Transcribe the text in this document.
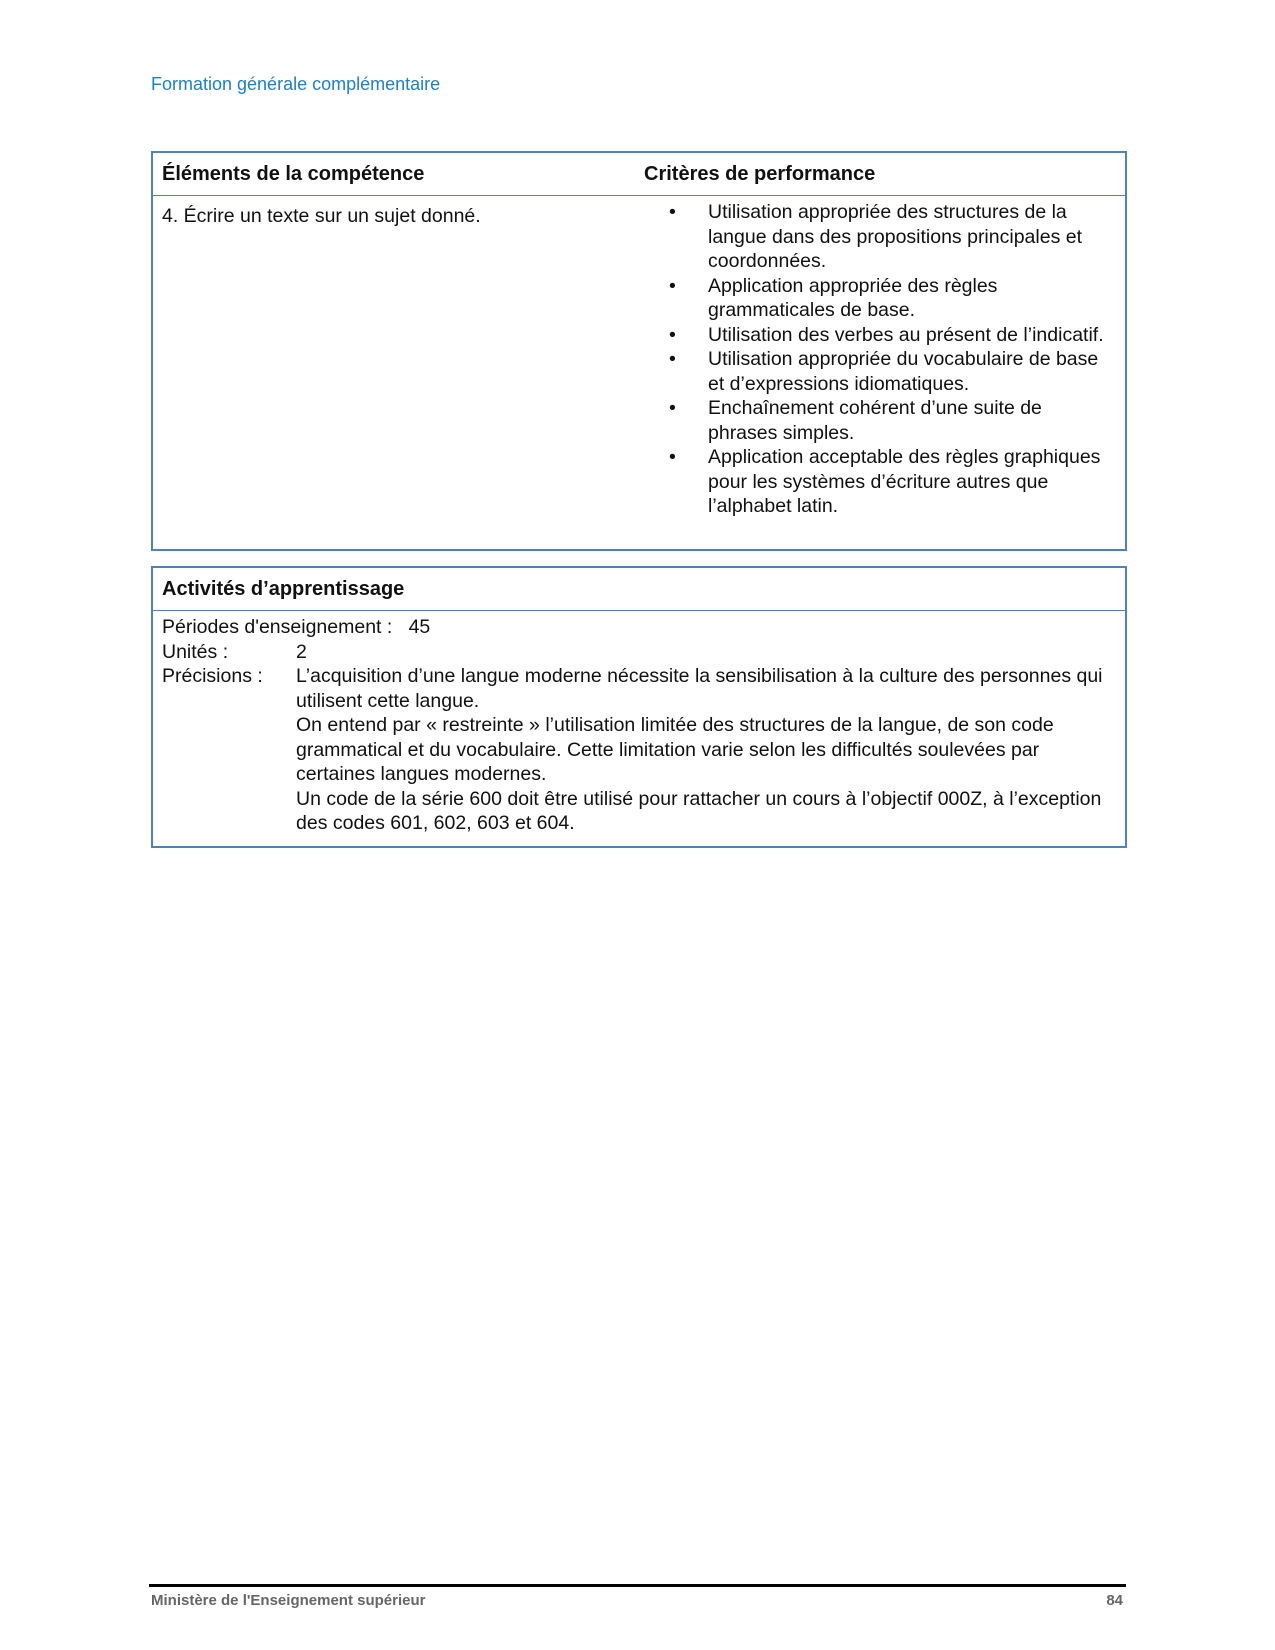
Formation générale complémentaire
Éléments de la compétence	Critères de performance
4. Écrire un texte sur un sujet donné.	• Utilisation appropriée des structures de la langue dans des propositions principales et coordonnées.
• Application appropriée des règles grammaticales de base.
• Utilisation des verbes au présent de l’indicatif.
• Utilisation appropriée du vocabulaire de base et d’expressions idiomatiques.
• Enchaînement cohérent d’une suite de phrases simples.
• Application acceptable des règles graphiques pour les systèmes d’écriture autres que l’alphabet latin.
Activités d’apprentissage
Périodes d'enseignement :
45
Unités :	2
Précisions :	L’acquisition d’une langue moderne nécessite la sensibilisation à la culture des personnes qui utilisent cette langue.
On entend par « restreinte » l’utilisation limitée des structures de la langue, de son code grammatical et du vocabulaire. Cette limitation varie selon les difficultés soulevées par certaines langues modernes.
Un code de la série 600 doit être utilisé pour rattacher un cours à l’objectif 000Z, à l’exception des codes 601, 602, 603 et 604.
Ministère de l'Enseignement supérieur	84
